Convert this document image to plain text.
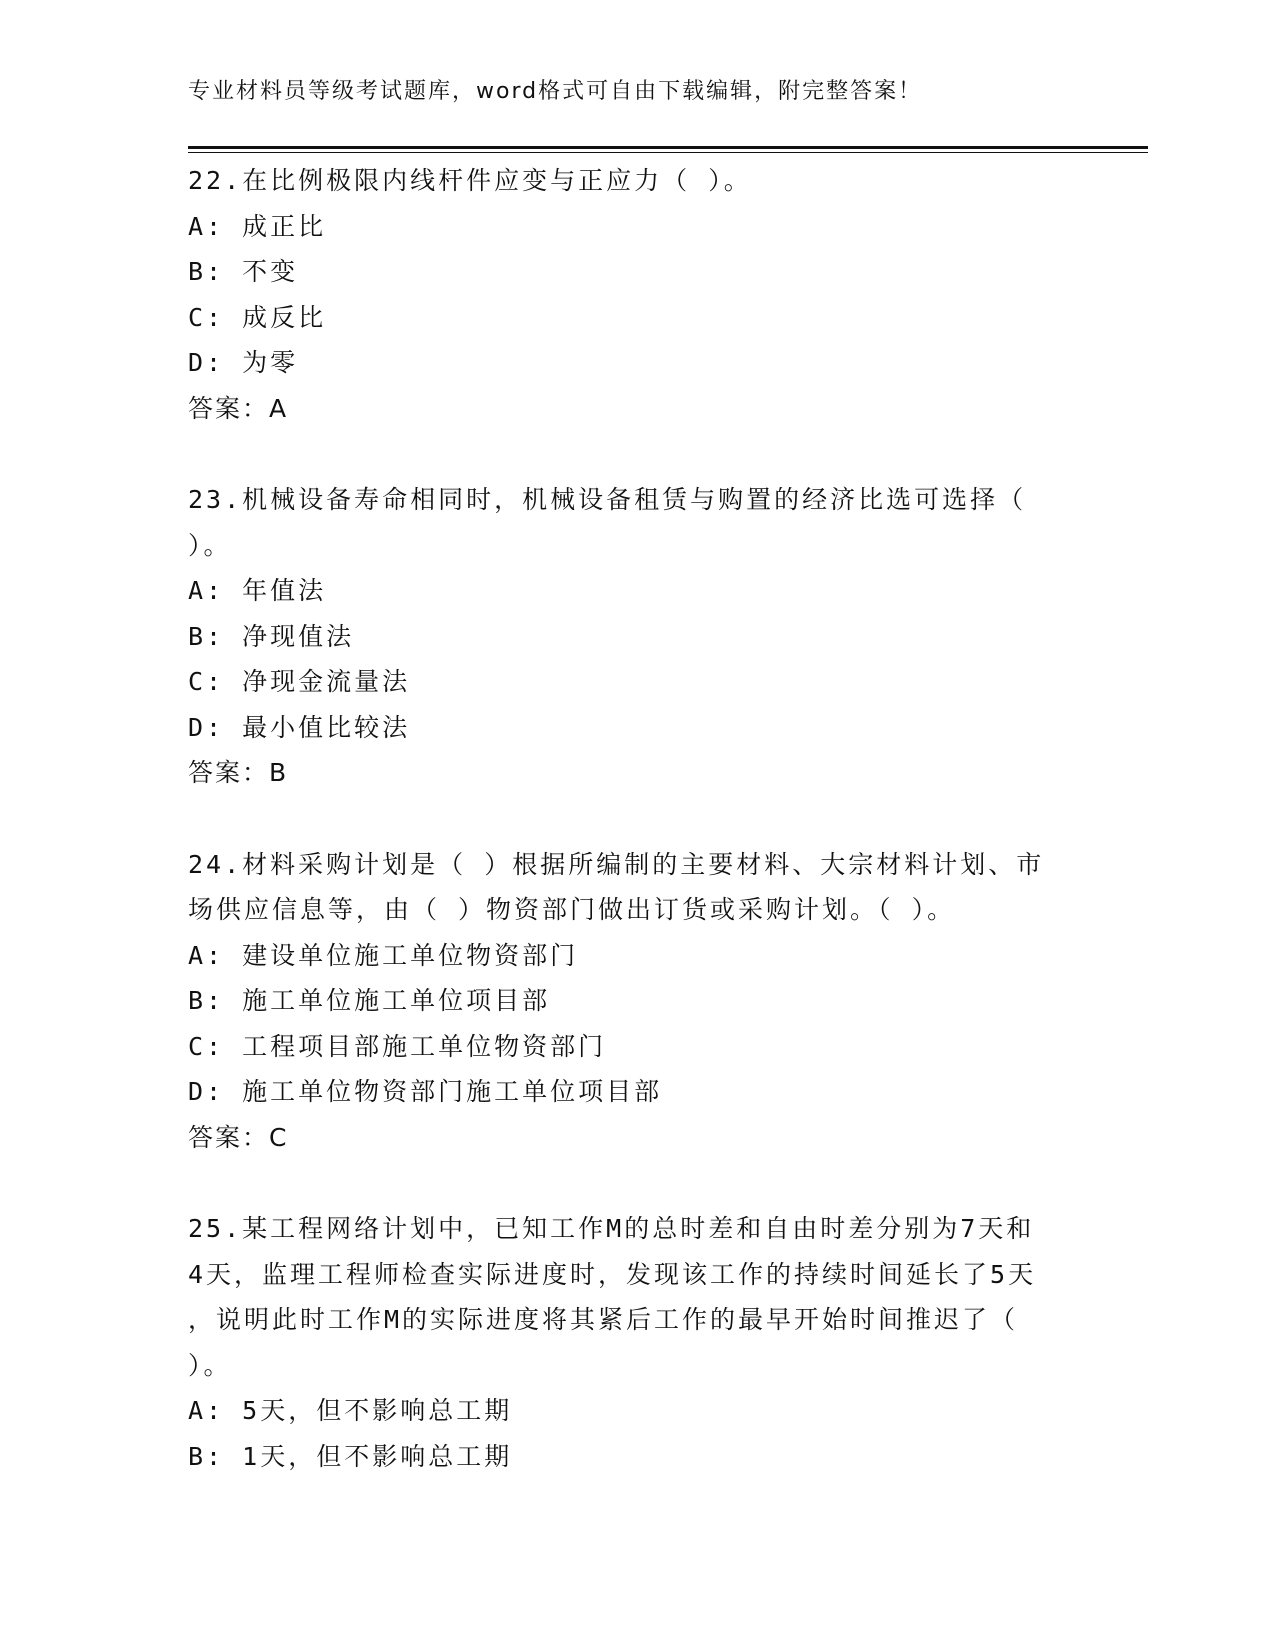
专业材料员等级考试题库，word格式可自由下载编辑，附完整答案！

22.在比例极限内线杆件应变与正应力（ ）。

A: 成正比

B: 不变

C: 成反比

D: 为零

答案：A

23.机械设备寿命相同时，机械设备租赁与购置的经济比选可选择（

）。

A: 年值法

B: 净现值法

C: 净现金流量法

D: 最小值比较法

答案：B

24.材料采购计划是（ ）根据所编制的主要材料、大宗材料计划、市

场供应信息等，由（ ）物资部门做出订货或采购计划。（ ）。

A: 建设单位施工单位物资部门

B: 施工单位施工单位项目部

C: 工程项目部施工单位物资部门

D: 施工单位物资部门施工单位项目部

答案：C

25.某工程网络计划中，已知工作M的总时差和自由时差分别为7天和

4天，监理工程师检查实际进度时，发现该工作的持续时间延长了5天

，说明此时工作M的实际进度将其紧后工作的最早开始时间推迟了（

）。

A: 5天，但不影响总工期

B: 1天，但不影响总工期
